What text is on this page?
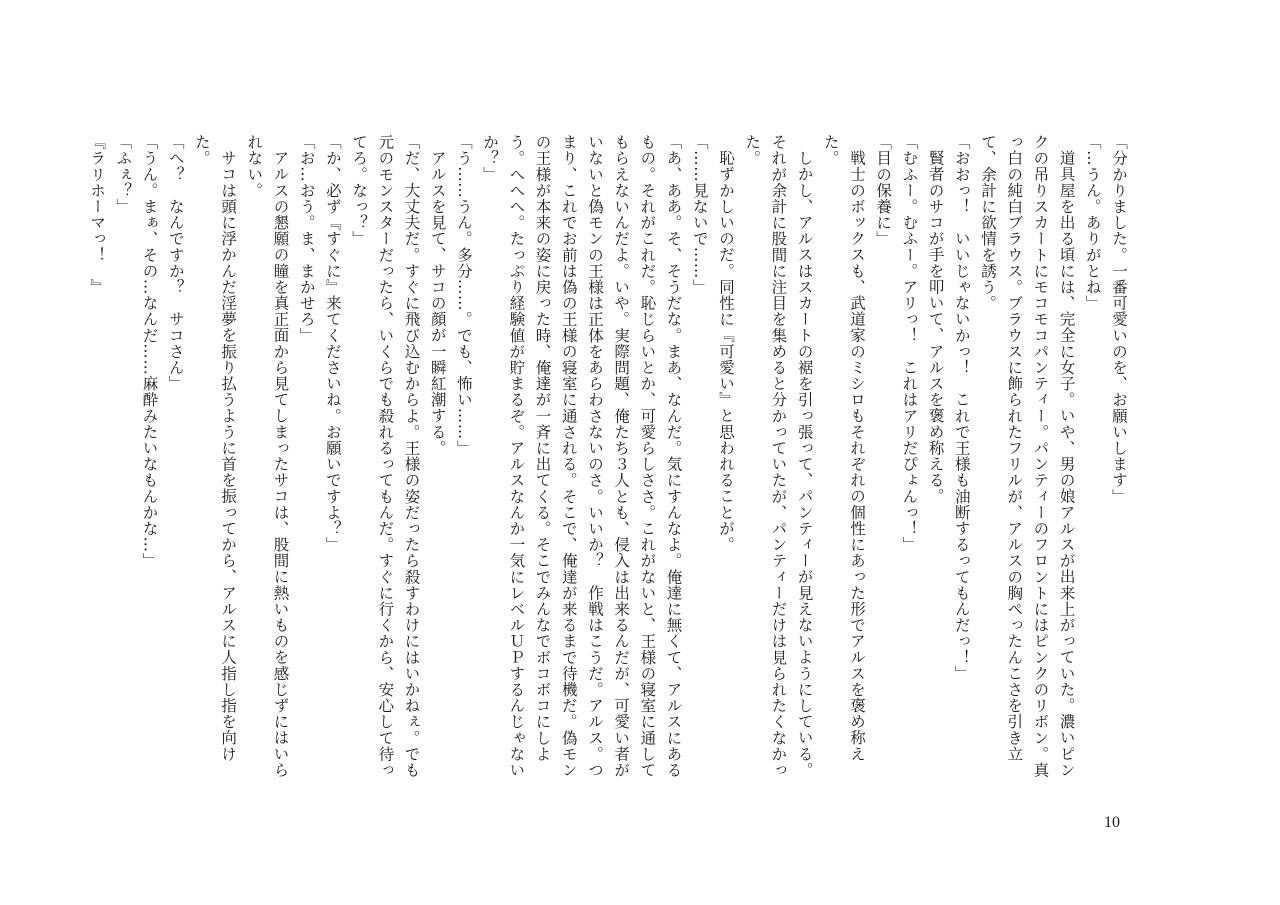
「分かりました。一番可愛いのを、お願いします」

「…うん。ありがとね」

道具屋を出る頃には、完全に女子。いや、男の娘アルスが出来上がっていた。濃いピンクの吊りスカートにモコモコパンティー。パンティーのフロントにはピンクのリボン。真っ白の純白ブラウス。ブラウスに飾られたフリルが、アルスの胸ぺったんこさを引き立て、余計に欲情を誘う。

「おおっ！　いいじゃないかっ！　これで王様も油断するってもんだっ！」

賢者のサコが手を叩いて、アルスを褒め称える。

「むふー。むふー。アリっ！　これはアリだぴょんっ！」

「目の保養に」

戦士のボックスも、武道家のミシロもそれぞれの個性にあった形でアルスを褒め称えた。

しかし、アルスはスカートの裾を引っ張って、パンティーが見えないようにしている。それが余計に股間に注目を集めると分かっていたが、パンティーだけは見られたくなかった。

恥ずかしいのだ。同性に『可愛い』と思われることが。

「……見ないで……」

「あ、ああ。そ、そうだな。まあ、なんだ。気にすんなよ。俺達に無くて、アルスにあるもの。それがこれだ。恥じらいとか、可愛らしささ。これがないと、王様の寝室に通してもらえないんだよ。いや。実際問題、俺たち３人とも、侵入は出来るんだが、可愛い者がいないと偽モンの王様は正体をあらわさないのさ。いいか？　作戦はこうだ。アルス。つまり、これでお前は偽の王様の寝室に通される。そこで、俺達が来るまで待機だ。偽モンの王様が本来の姿に戻った時、俺達が一斉に出てくる。そこでみんなでボコボコにしよう。へへへ。たっぷり経験値が貯まるぞ。アルスなんか一気にレベルＵＰするんじゃないか？」

「う……うん。多分……。でも、怖い……」

アルスを見て、サコの顔が一瞬紅潮する。

「だ、大丈夫だ。すぐに飛び込むからよ。王様の姿だったら殺すわけにはいかねぇ。でも元のモンスターだったら、いくらでも殺れるってもんだ。すぐに行くから、安心して待ってろ。なっ？」

「か、必ず『すぐに』来てくださいね。お願いですよ？」

「お…おう。ま、まかせろ」

アルスの懇願の瞳を真正面から見てしまったサコは、股間に熱いものを感じずにはいられない。

サコは頭に浮かんだ淫夢を振り払うように首を振ってから、アルスに人指し指を向けた。

「へ？　なんですか？　サコさん」

「うん。まぁ、その…なんだ……麻酔みたいなもんかな…」

「ふぇ？」

『ラリホーマっ！　』

10
